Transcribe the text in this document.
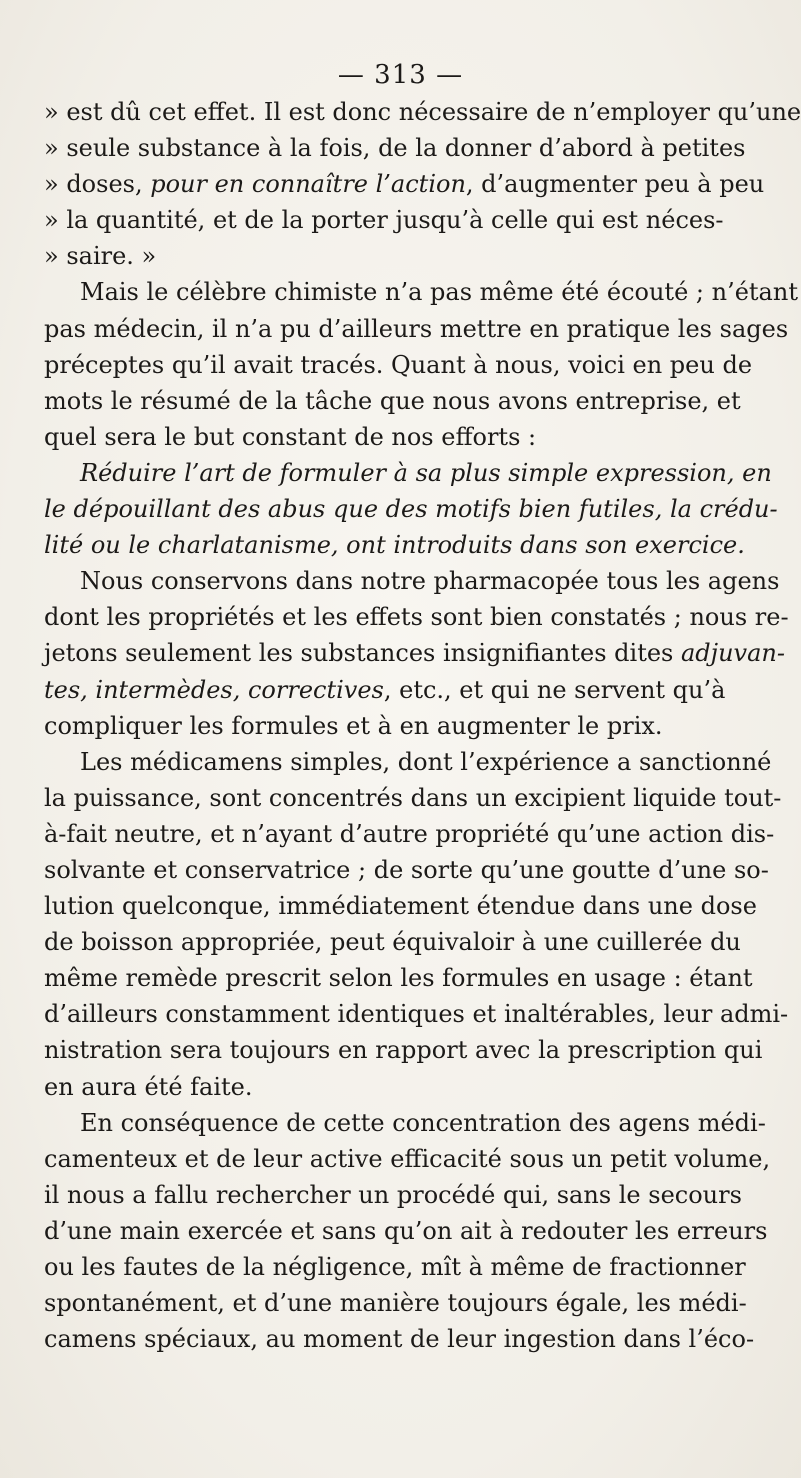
— 313 —
» est dû cet effet. Il est donc nécessaire de n’employer qu’une
» seule substance à la fois, de la donner d’abord à petites
» doses, pour en connaître l’action, d’augmenter peu à peu
» la quantité, et de la porter jusqu’à celle qui est néces-
» saire. »
Mais le célèbre chimiste n’a pas même été écouté ; n’étant
pas médecin, il n’a pu d’ailleurs mettre en pratique les sages
préceptes qu’il avait tracés. Quant à nous, voici en peu de
mots le résumé de la tâche que nous avons entreprise, et
quel sera le but constant de nos efforts :
Réduire l’art de formuler à sa plus simple expression, en
le dépouillant des abus que des motifs bien futiles, la crédu-
lité ou le charlatanisme, ont introduits dans son exercice.
Nous conservons dans notre pharmacopée tous les agens
dont les propriétés et les effets sont bien constatés ; nous re-
jetons seulement les substances insignifiantes dites adjuvan-
tes, intermèdes, correctives, etc., et qui ne servent qu’à
compliquer les formules et à en augmenter le prix.
Les médicamens simples, dont l’expérience a sanctionné
la puissance, sont concentrés dans un excipient liquide tout-
à-fait neutre, et n’ayant d’autre propriété qu’une action dis-
solvante et conservatrice ; de sorte qu’une goutte d’une so-
lution quelconque, immédiatement étendue dans une dose
de boisson appropriée, peut équivaloir à une cuillerée du
même remède prescrit selon les formules en usage : étant
d’ailleurs constamment identiques et inaltérables, leur admi-
nistration sera toujours en rapport avec la prescription qui
en aura été faite.
En conséquence de cette concentration des agens médi-
camenteux et de leur active efficacité sous un petit volume,
il nous a fallu rechercher un procédé qui, sans le secours
d’une main exercée et sans qu’on ait à redouter les erreurs
ou les fautes de la négligence, mît à même de fractionner
spontanément, et d’une manière toujours égale, les médi-
camens spéciaux, au moment de leur ingestion dans l’éco-
